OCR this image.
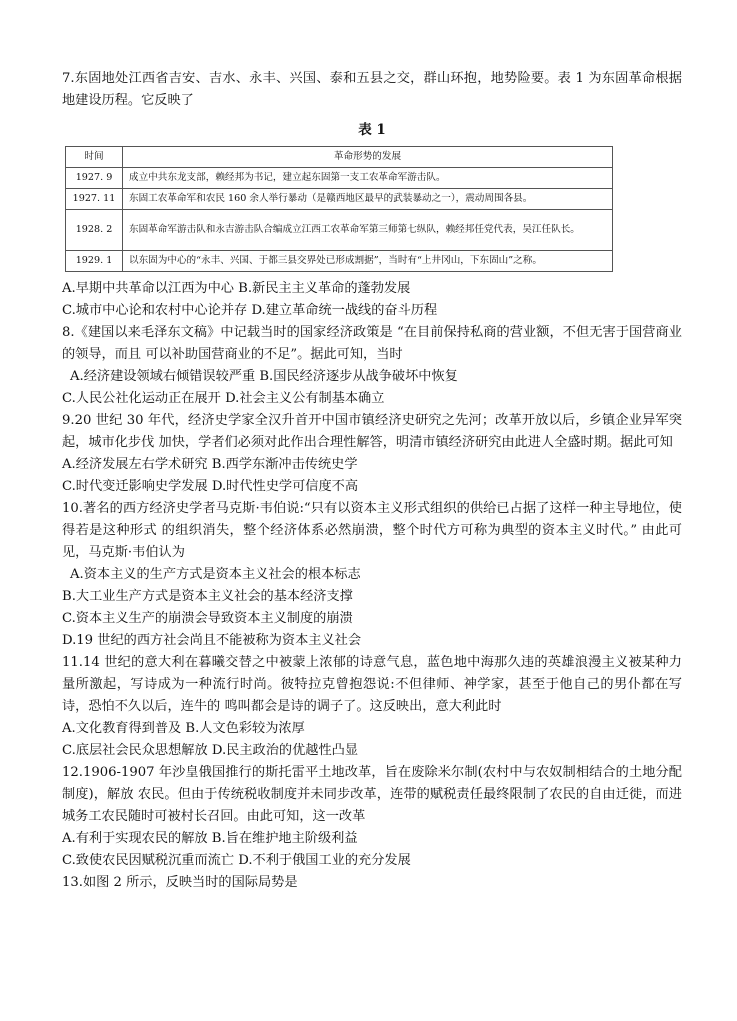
7.东固地处江西省吉安、吉水、永丰、兴国、泰和五县之交，群山环抱，地势险要。表 1 为东固革命根据地建设历程。它反映了

表 1
时间	革命形势的发展
1927. 9	成立中共东龙支部，赖经邦为书记，建立起东固第一支工农革命军游击队。
1927. 11	东固工农革命军和农民 160 余人举行暴动（是赣西地区最早的武装暴动之一），震动周围各县。
1928. 2	东固革命军游击队和永吉游击队合编成立江西工农革命军第三师第七纵队，赖经邦任党代表，吴江任队长。
1929. 1	以东固为中心的“永丰、兴国、于都三县交界处已形成割据”，当时有“上井冈山，下东固山”之称。

A.早期中共革命以江西为中心 B.新民主主义革命的蓬勃发展

C.城市中心论和农村中心论并存 D.建立革命统一战线的奋斗历程

8.《建国以来毛泽东文稿》中记载当时的国家经济政策是 “在目前保持私商的营业额，不但无害于国营商业的领导，而且 可以补助国营商业的不足”。据此可知，当时

A.经济建设领域右倾错误较严重 B.国民经济逐步从战争破坏中恢复

C.人民公社化运动正在展开 D.社会主义公有制基本确立

9.20 世纪 30 年代，经济史学家全汉升首开中国市镇经济史研究之先河；改革开放以后，乡镇企业异军突起，城市化步伐 加快，学者们必须对此作出合理性解答，明清市镇经济研究由此进人全盛时期。据此可知

A.经济发展左右学术研究 B.西学东渐冲击传统史学

C.时代变迁影响史学发展 D.时代性史学可信度不高

10.著名的西方经济史学者马克斯·韦伯说:“只有以资本主义形式组织的供给已占据了这样一种主导地位，使得若是这种形式 的组织消失，整个经济体系必然崩溃，整个时代方可称为典型的资本主义时代。” 由此可见，马克斯·韦伯认为

A.资本主义的生产方式是资本主义社会的根本标志

B.大工业生产方式是资本主义社会的基本经济支撑

C.资本主义生产的崩溃会导致资本主义制度的崩溃

D.19 世纪的西方社会尚且不能被称为资本主义社会

11.14 世纪的意大利在暮曦交替之中被蒙上浓郁的诗意气息，蓝色地中海那久违的英雄浪漫主义被某种力量所激起，写诗成为一种流行时尚。彼特拉克曾抱怨说:不但律师、神学家，甚至于他自己的男仆都在写诗，恐怕不久以后，连牛的 鸣叫都会是诗的调子了。这反映出，意大利此时

A.文化教育得到普及 B.人文色彩较为浓厚

C.底层社会民众思想解放 D.民主政治的优越性凸显

12.1906-1907 年沙皇俄国推行的斯托雷平土地改革，旨在废除米尔制(农村中与农奴制相结合的土地分配制度)，解放 农民。但由于传统税收制度并未同步改革，连带的赋税责任最终限制了农民的自由迁徙，而进城务工农民随时可被村长召回。由此可知，这一改革

A.有利于实现农民的解放 B.旨在维护地主阶级利益

C.致使农民因赋税沉重而流亡 D.不利于俄国工业的充分发展

13.如图 2 所示，反映当时的国际局势是
